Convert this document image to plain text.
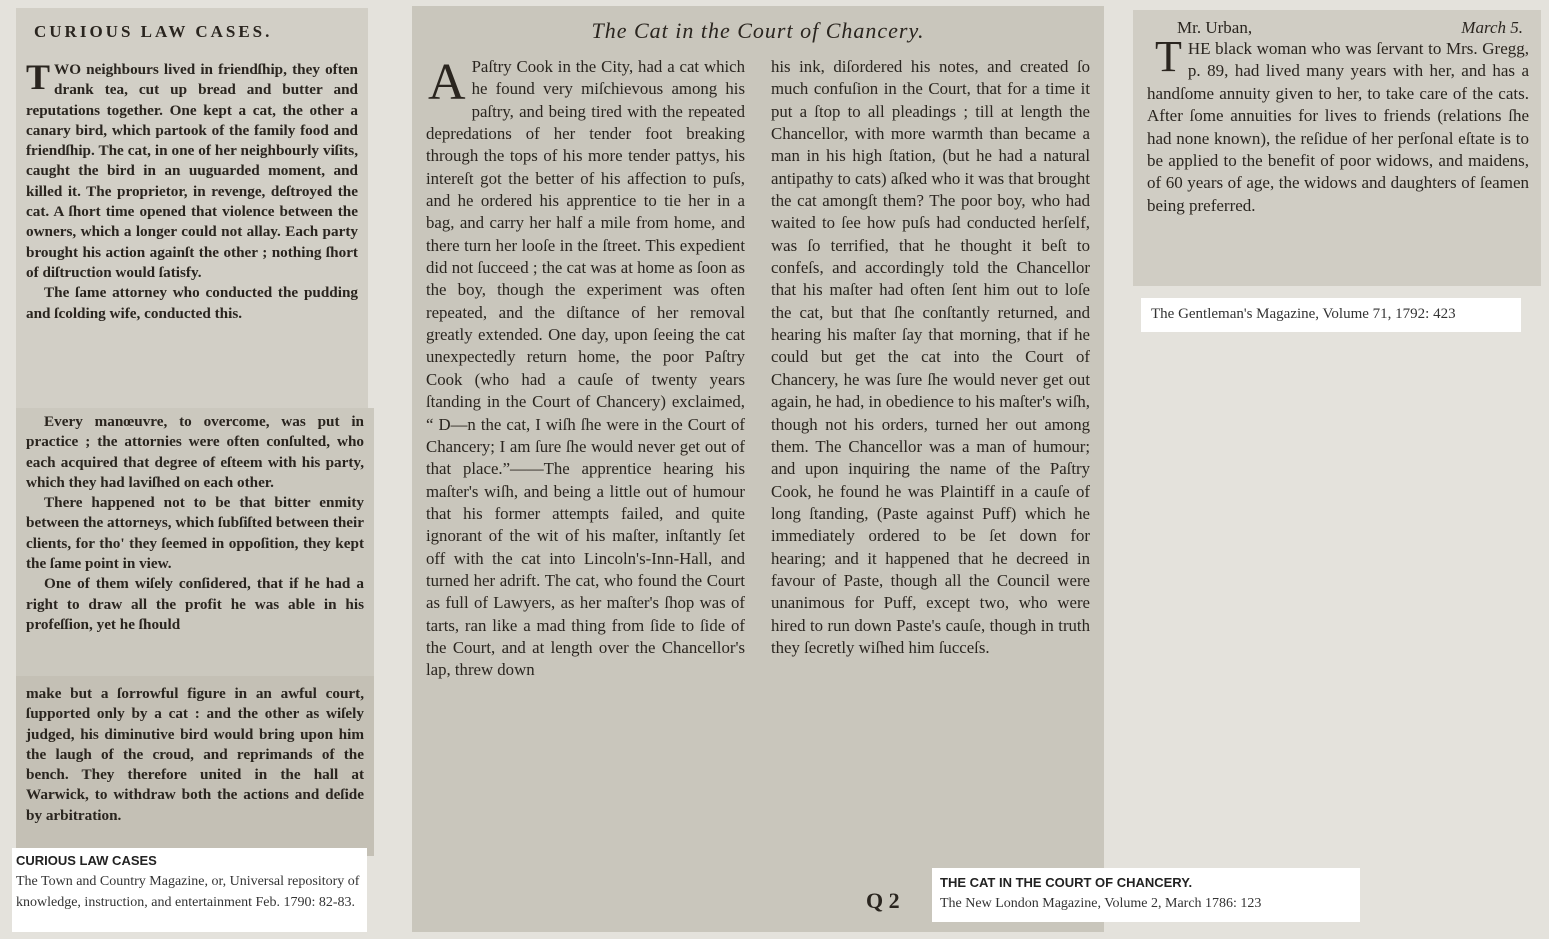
CURIOUS LAW CASES.

TWO neighbours lived in friendſhip, they often drank tea, cut up bread and butter and reputations together. One kept a cat, the other a canary bird, which partook of the family food and friendſhip. The cat, in one of her neighbourly viſits, caught the bird in an uuguarded moment, and killed it. The proprietor, in revenge, deſtroyed the cat. A ſhort time opened that violence between the owners, which a longer could not allay. Each party brought his action againſt the other ; nothing ſhort of diſtruction would ſatisfy.

The ſame attorney who conducted the pudding and ſcolding wife, conducted this.

Every manœuvre, to overcome, was put in practice ; the attornies were often conſulted, who each acquired that degree of eſteem with his party, which they had laviſhed on each other.

There happened not to be that bitter enmity between the attorneys, which ſubſiſted between their clients, for tho' they ſeemed in oppoſition, they kept the ſame point in view.

One of them wiſely conſidered, that if he had a right to draw all the profit he was able in his profeſſion, yet he ſhould

make but a ſorrowful figure in an awful court, ſupported only by a cat : and the other as wiſely judged, his diminutive bird would bring upon him the laugh of the croud, and reprimands of the bench. They therefore united in the hall at Warwick, to withdraw both the actions and deſide by arbitration.

CURIOUS LAW CASES
The Town and Country Magazine, or, Universal repository of knowledge, instruction, and entertainment Feb. 1790: 82-83.
The Cat in the Court of Chancery.

A Paſtry Cook in the City, had a cat which he found very miſchievous among his paſtry, and being tired with the repeated depredations of her tender foot breaking through the tops of his more tender pattys, his intereſt got the better of his affection to puſs, and he ordered his apprentice to tie her in a bag, and carry her half a mile from home, and there turn her looſe in the ſtreet. This expedient did not ſucceed ; the cat was at home as ſoon as the boy, though the experiment was often repeated, and the diſtance of her removal greatly extended. One day, upon ſeeing the cat unexpectedly return home, the poor Paſtry Cook (who had a cauſe of twenty years ſtanding in the Court of Chancery) exclaimed, “ D—n the cat, I wiſh ſhe were in the Court of Chancery; I am ſure ſhe would never get out of that place.”——The apprentice hearing his maſter's wiſh, and being a little out of humour that his former attempts failed, and quite ignorant of the wit of his maſter, inſtantly ſet off with the cat into Lincoln's-Inn-Hall, and turned her adrift. The cat, who found the Court as full of Lawyers, as her maſter's ſhop was of tarts, ran like a mad thing from ſide to ſide of the Court, and at length over the Chancellor's lap, threw down

his ink, diſordered his notes, and created ſo much confuſion in the Court, that for a time it put a ſtop to all pleadings ; till at length the Chancellor, with more warmth than became a man in his high ſtation, (but he had a natural antipathy to cats) aſked who it was that brought the cat amongſt them? The poor boy, who had waited to ſee how puſs had conducted herſelf, was ſo terrified, that he thought it beſt to confeſs, and accordingly told the Chancellor that his maſter had often ſent him out to loſe the cat, but that ſhe conſtantly returned, and hearing his maſter ſay that morning, that if he could but get the cat into the Court of Chancery, he was ſure ſhe would never get out again, he had, in obedience to his maſter's wiſh, though not his orders, turned her out among them. The Chancellor was a man of humour; and upon inquiring the name of the Paſtry Cook, he found he was Plaintiff in a cauſe of long ſtanding, (Paste against Puff) which he immediately ordered to be ſet down for hearing; and it happened that he decreed in favour of Paste, though all the Council were unanimous for Puff, except two, who were hired to run down Paste's cauſe, though in truth they ſecretly wiſhed him ſucceſs.

Q 2
THE CAT IN THE COURT OF CHANCERY.
The New London Magazine, Volume 2, March 1786: 123
Mr. Urban,	March 5.
THE black woman who was ſervant to Mrs. Gregg, p. 89, had lived many years with her, and has a handſome annuity given to her, to take care of the cats. After ſome annuities for lives to friends (relations ſhe had none known), the reſidue of her perſonal eſtate is to be applied to the benefit of poor widows, and maidens, of 60 years of age, the widows and daughters of ſeamen being preferred.
The Gentleman's Magazine, Volume 71, 1792: 423
